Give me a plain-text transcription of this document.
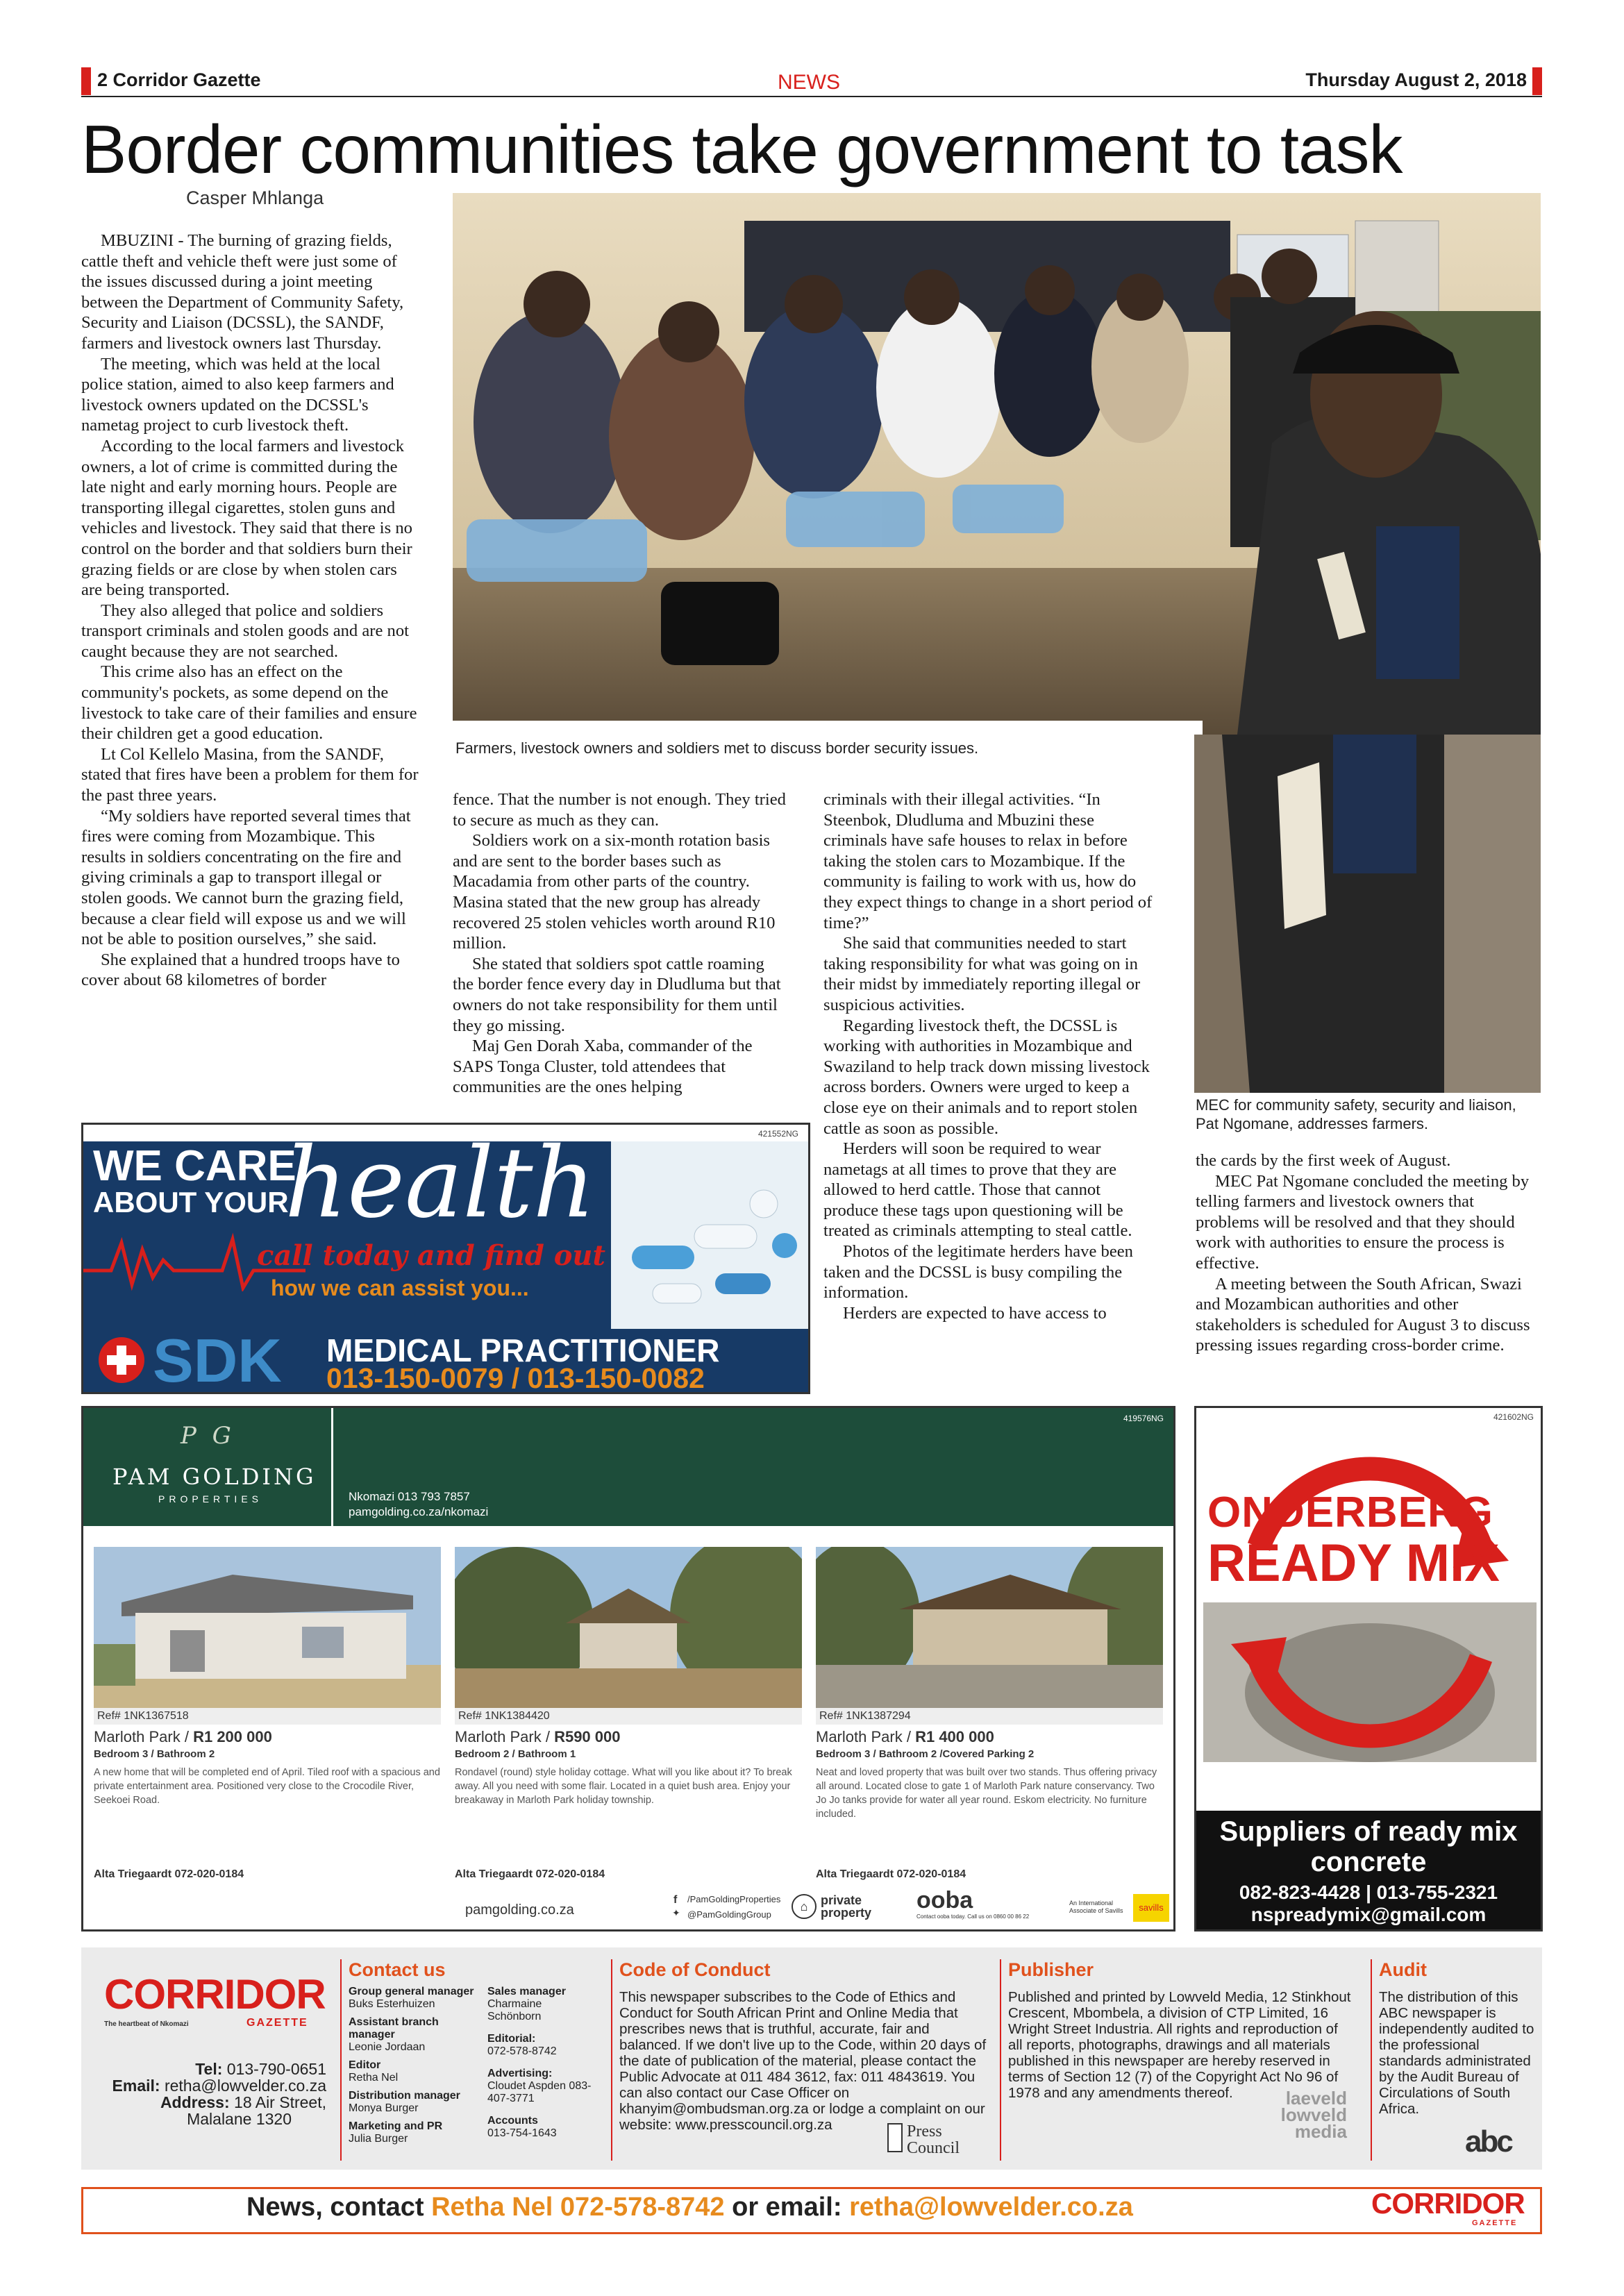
2 Corridor Gazette	NEWS	Thursday August 2, 2018
Border communities take government to task
Casper Mhlanga
Farmers, livestock owners and soldiers met to discuss border security issues.
MEC for community safety, security and liaison, Pat Ngomane, addresses farmers.

MBUZINI - The burning of grazing fields, cattle theft and vehicle theft were just some of the issues discussed during a joint meeting between the Department of Community Safety, Security and Liaison (DCSSL), the SANDF, farmers and livestock owners last Thursday.

The meeting, which was held at the local police station, aimed to also keep farmers and livestock owners updated on the DCSSL's nametag project to curb livestock theft.

According to the local farmers and livestock owners, a lot of crime is committed during the late night and early morning hours. People are transporting illegal cigarettes, stolen guns and vehicles and livestock. They said that there is no control on the border and that soldiers burn their grazing fields or are close by when stolen cars are being transported.

They also alleged that police and soldiers transport criminals and stolen goods and are not caught because they are not searched.

This crime also has an effect on the community's pockets, as some depend on the livestock to take care of their families and ensure their children get a good education.

Lt Col Kellelo Masina, from the SANDF, stated that fires have been a problem for them for the past three years.

“My soldiers have reported several times that fires were coming from Mozambique. This results in soldiers concentrating on the fire and giving criminals a gap to transport illegal or stolen goods. We cannot burn the grazing field, because a clear field will expose us and we will not be able to position ourselves,” she said.

She explained that a hundred troops have to cover about 68 kilometres of border

fence. That the number is not enough. They tried to secure as much as they can.

Soldiers work on a six-month rotation basis and are sent to the border bases such as Macadamia from other parts of the country. Masina stated that the new group has already recovered 25 stolen vehicles worth around R10 million.

She stated that soldiers spot cattle roaming the border fence every day in Dludluma but that owners do not take responsibility for them until they go missing.

Maj Gen Dorah Xaba, commander of the SAPS Tonga Cluster, told attendees that communities are the ones helping

criminals with their illegal activities. “In Steenbok, Dludluma and Mbuzini these criminals have safe houses to relax in before taking the stolen cars to Mozambique. If the community is failing to work with us, how do they expect things to change in a short period of time?”

She said that communities needed to start taking responsibility for what was going on in their midst by immediately reporting illegal or suspicious activities.

Regarding livestock theft, the DCSSL is working with authorities in Mozambique and Swaziland to help track down missing livestock across borders. Owners were urged to keep a close eye on their animals and to report stolen cattle as soon as possible.

Herders will soon be required to wear nametags at all times to prove that they are allowed to herd cattle. Those that cannot produce these tags upon questioning will be treated as criminals attempting to steal cattle.

Photos of the legitimate herders have been taken and the DCSSL is busy compiling the information.

Herders are expected to have access to

the cards by the first week of August.

MEC Pat Ngomane concluded the meeting by telling farmers and livestock owners that problems will be resolved and that they should work with authorities to ensure the process is effective.

A meeting between the South African, Swazi and Mozambican authorities and other stakeholders is scheduled for August 3 to discuss pressing issues regarding cross-border crime.

421552NG
WE CARE
ABOUT YOUR
health
call today and find out
how we can assist you...
SDK MEDICAL PRACTITIONER
013-150-0079 / 013-150-0082
419576NG
P G
PAM GOLDING
PROPERTIES	Nkomazi 013 793 7857
pamgolding.co.za/nkomazi
Ref# 1NK1367518
Marloth Park / R1 200 000
Bedroom 3 / Bathroom 2
A new home that will be completed end of April. Tiled roof with a spacious and private entertainment area. Positioned very close to the Crocodile River, Seekoei Road.
Alta Triegaardt 072-020-0184
Ref# 1NK1384420
Marloth Park / R590 000
Bedroom 2 / Bathroom 1
Rondavel (round) style holiday cottage. What will you like about it? To break away. All you need with some flair. Located in a quiet bush area. Enjoy your breakaway in Marloth Park holiday township.
Alta Triegaardt 072-020-0184
Ref# 1NK1387294
Marloth Park / R1 400 000
Bedroom 3 / Bathroom 2 /Covered Parking 2
Neat and loved property that was built over two stands. Thus offering privacy all around. Located close to gate 1 of Marloth Park nature conservancy. Two Jo Jo tanks provide for water all year round. Eskom electricity. No furniture included.
Alta Triegaardt 072-020-0184
pamgolding.co.za
f /PamGoldingProperties
✦ @PamGoldingGroup
⌂	private property ooba
Contact ooba today. Call us on 0860 00 86 22
An International Associate of Savills	savills
421602NG
ONDERBERG
READY MIX
Suppliers of ready mix
concrete
082-823-4428 | 013-755-2321
nspreadymix@gmail.com
CORRIDOR
GAZETTE
The heartbeat of Nkomazi
Tel: 013-790-0651
Email: retha@lowvelder.co.za
Address: 18 Air Street,
Malalane 1320
Contact us
Group general manager
Buks Esterhuizen
Assistant branch manager
Leonie Jordaan
Editor
Retha Nel
Distribution manager
Monya Burger
Marketing and PR
Julia Burger
Sales manager
Charmaine Schönborn
Editorial:
072-578-8742
Advertising:
Cloudet Aspden 083-407-3771
Accounts
013-754-1643
Code of Conduct
This newspaper subscribes to the Code of Ethics and Conduct for South African Print and Online Media that prescribes news that is truthful, accurate, fair and balanced. If we don't live up to the Code, within 20 days of the date of publication of the material, please contact the Public Advocate at 011 484 3612, fax: 011 4843619. You can also contact our Case Officer on khanyim@ombudsman.org.za or lodge a complaint on our website: www.presscouncil.org.za	Press Council
Publisher
Published and printed by Lowveld Media, 12 Stinkhout Crescent, Mbombela, a division of CTP Limited, 16 Wright Street Industria. All rights and reproduction of all reports, photographs, drawings and all materials published in this newspaper are hereby reserved in terms of Section 12 (7) of the Copyright Act No 96 of 1978 and any amendments thereof.	laeveld lowveld media
Audit
The distribution of this ABC newspaper is independently audited to the professional standards administrated by the Audit Bureau of Circulations of South Africa.
abc
News, contact Retha Nel 072-578-8742 or email: retha@lowvelder.co.za	CORRIDOR
GAZETTE
